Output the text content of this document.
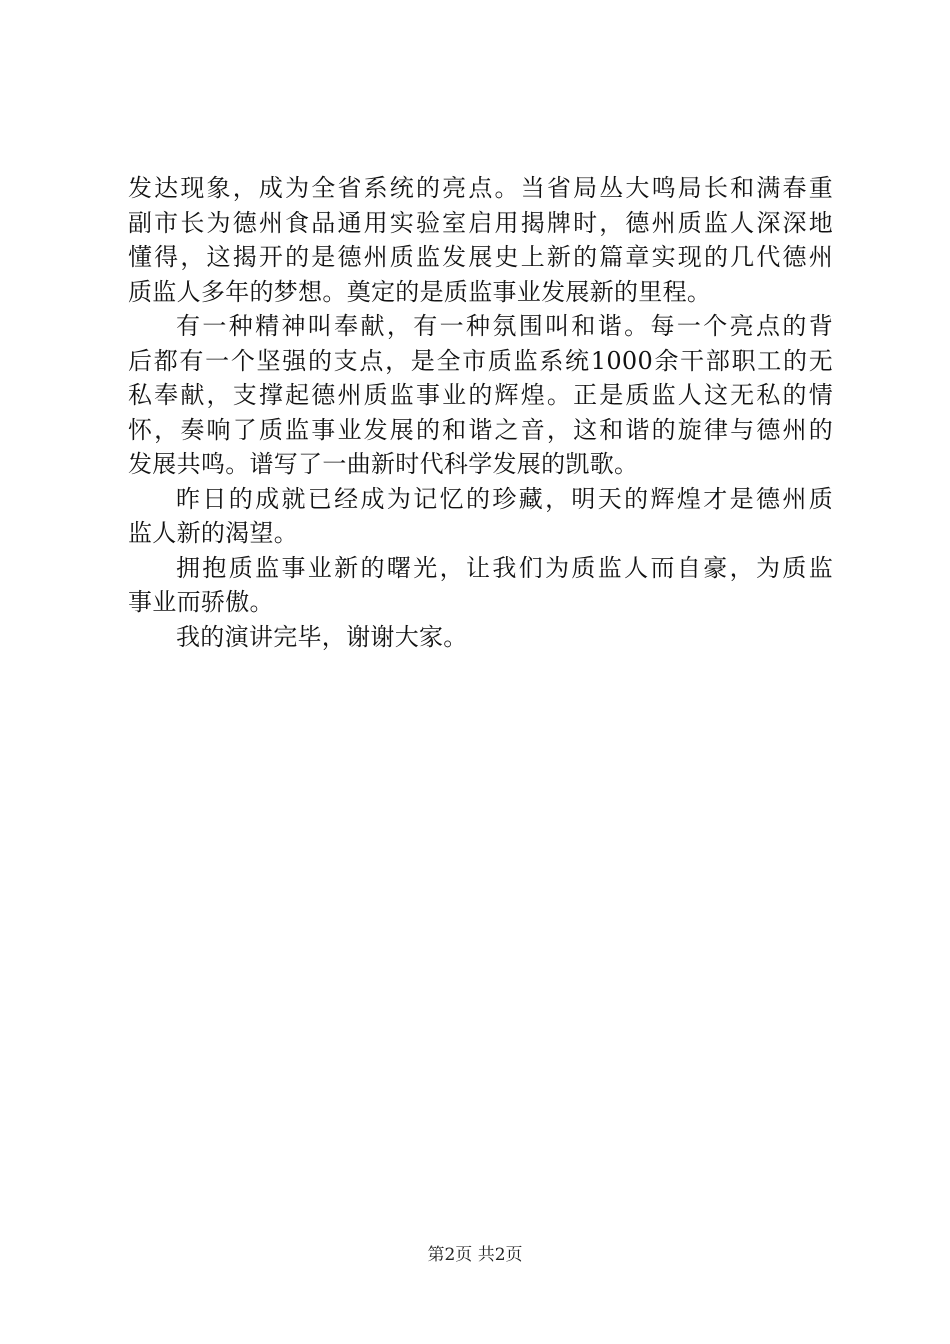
发达现象，成为全省系统的亮点。当省局丛大鸣局长和满春重
副市长为德州食品通用实验室启用揭牌时，德州质监人深深地
懂得，这揭开的是德州质监发展史上新的篇章实现的几代德州
质监人多年的梦想。奠定的是质监事业发展新的里程。
有一种精神叫奉献，有一种氛围叫和谐。每一个亮点的背
后都有一个坚强的支点，是全市质监系统1000余干部职工的无
私奉献，支撑起德州质监事业的辉煌。正是质监人这无私的情
怀，奏响了质监事业发展的和谐之音，这和谐的旋律与德州的
发展共鸣。谱写了一曲新时代科学发展的凯歌。
昨日的成就已经成为记忆的珍藏，明天的辉煌才是德州质
监人新的渴望。
拥抱质监事业新的曙光，让我们为质监人而自豪，为质监
事业而骄傲。
我的演讲完毕，谢谢大家。
第2页 共2页
